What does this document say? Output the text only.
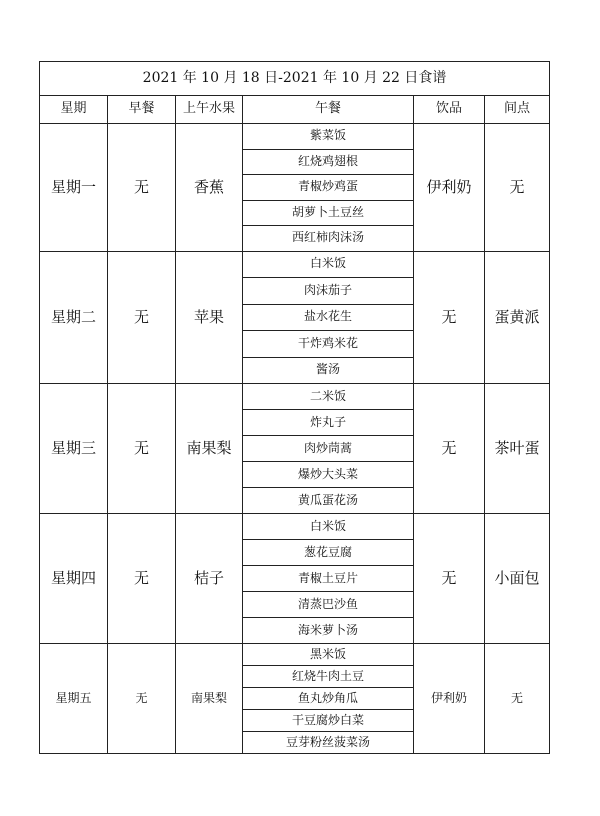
2021 年 10 月 18 日-2021 年 10 月 22 日食谱					
星期	早餐	上午水果	午餐	饮品	间点
星期一	无	香蕉	紫菜饭	伊利奶	无
			红烧鸡翅根		
			青椒炒鸡蛋		
			胡萝卜土豆丝		
			西红柿肉沫汤		
星期二	无	苹果	白米饭	无	蛋黄派
			肉沫茄子		
			盐水花生		
			干炸鸡米花		
			酱汤		
星期三	无	南果梨	二米饭	无	茶叶蛋
			炸丸子		
			肉炒茼蒿		
			爆炒大头菜		
			黄瓜蛋花汤		
星期四	无	桔子	白米饭	无	小面包
			葱花豆腐		
			青椒土豆片		
			清蒸巴沙鱼		
			海米萝卜汤		
星期五	无	南果梨	黑米饭	伊利奶	无
			红烧牛肉土豆		
			鱼丸炒角瓜		
			干豆腐炒白菜		
			豆芽粉丝菠菜汤		
